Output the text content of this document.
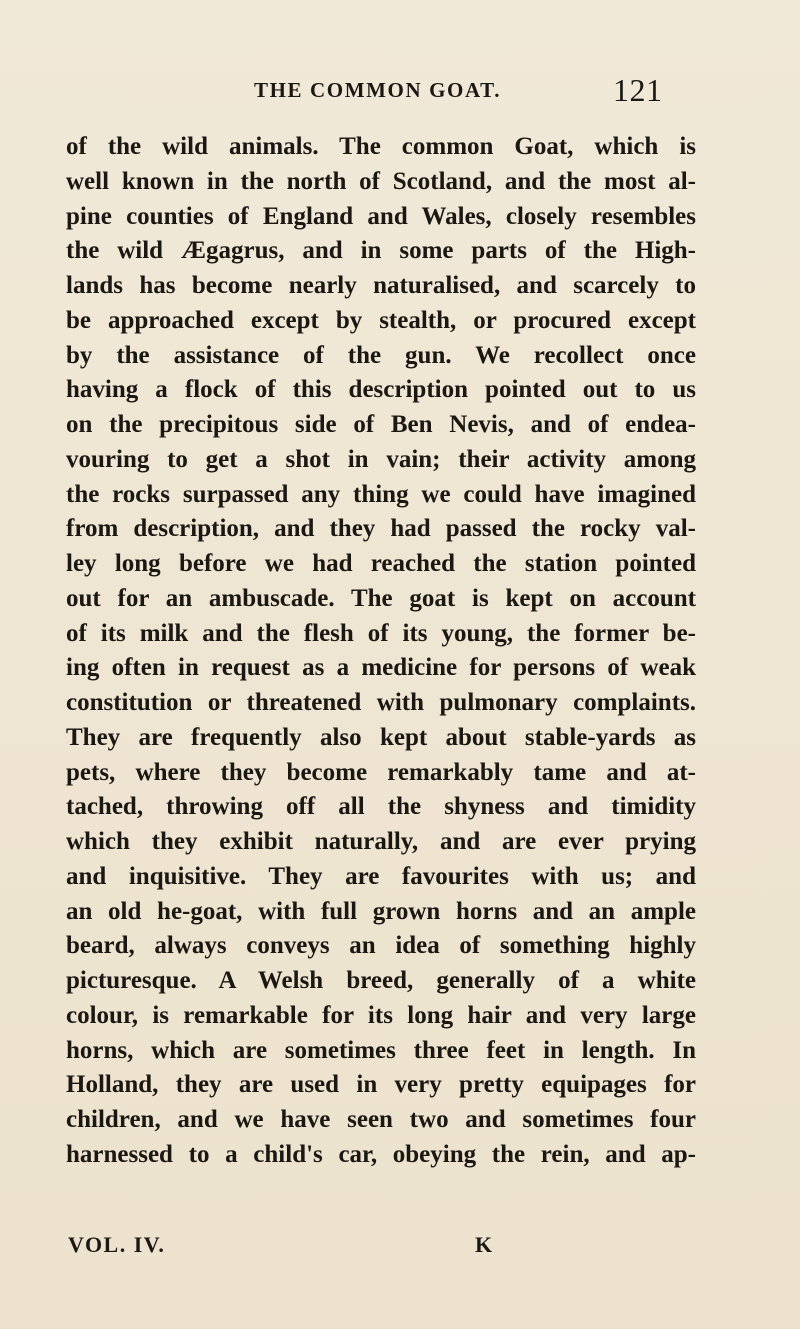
THE COMMON GOAT.	121
of the wild animals. The common Goat, which is
well known in the north of Scotland, and the most al-
pine counties of England and Wales, closely resembles
the wild Ægagrus, and in some parts of the High-
lands has become nearly naturalised, and scarcely to
be approached except by stealth, or procured except
by the assistance of the gun. We recollect once
having a flock of this description pointed out to us
on the precipitous side of Ben Nevis, and of endea-
vouring to get a shot in vain; their activity among
the rocks surpassed any thing we could have imagined
from description, and they had passed the rocky val-
ley long before we had reached the station pointed
out for an ambuscade. The goat is kept on account
of its milk and the flesh of its young, the former be-
ing often in request as a medicine for persons of weak
constitution or threatened with pulmonary complaints.
They are frequently also kept about stable-yards as
pets, where they become remarkably tame and at-
tached, throwing off all the shyness and timidity
which they exhibit naturally, and are ever prying
and inquisitive. They are favourites with us; and
an old he-goat, with full grown horns and an ample
beard, always conveys an idea of something highly
picturesque. A Welsh breed, generally of a white
colour, is remarkable for its long hair and very large
horns, which are sometimes three feet in length. In
Holland, they are used in very pretty equipages for
children, and we have seen two and sometimes four
harnessed to a child's car, obeying the rein, and ap-
VOL. IV.	K
